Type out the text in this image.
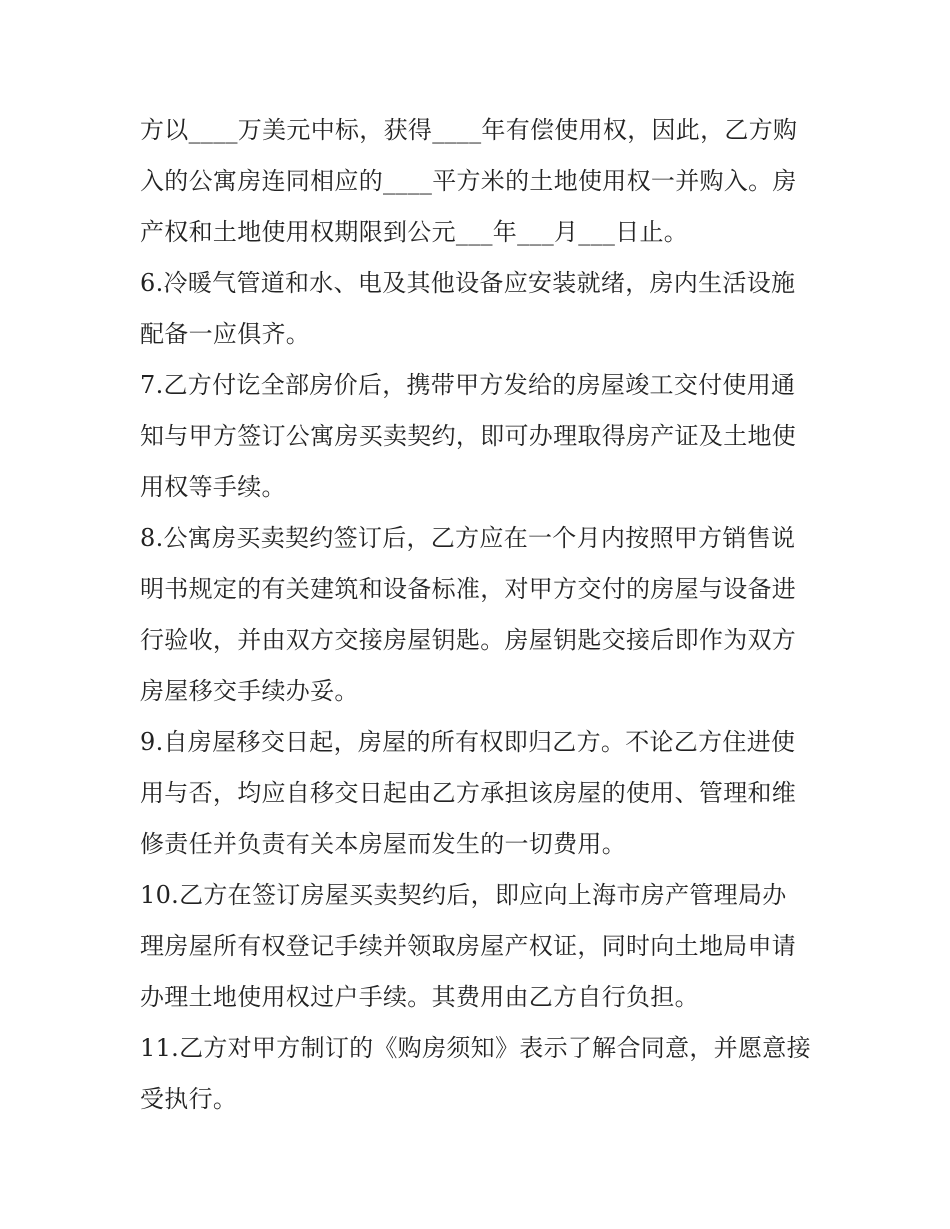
方以____万美元中标，获得____年有偿使用权，因此，乙方购
入的公寓房连同相应的____平方米的土地使用权一并购入。房
产权和土地使用权期限到公元___年___月___日止。
6.冷暖气管道和水、电及其他设备应安装就绪，房内生活设施
配备一应俱齐。
7.乙方付讫全部房价后，携带甲方发给的房屋竣工交付使用通
知与甲方签订公寓房买卖契约，即可办理取得房产证及土地使
用权等手续。
8.公寓房买卖契约签订后，乙方应在一个月内按照甲方销售说
明书规定的有关建筑和设备标准，对甲方交付的房屋与设备进
行验收，并由双方交接房屋钥匙。房屋钥匙交接后即作为双方
房屋移交手续办妥。
9.自房屋移交日起，房屋的所有权即归乙方。不论乙方住进使
用与否，均应自移交日起由乙方承担该房屋的使用、管理和维
修责任并负责有关本房屋而发生的一切费用。
10.乙方在签订房屋买卖契约后，即应向上海市房产管理局办
理房屋所有权登记手续并领取房屋产权证，同时向土地局申请
办理土地使用权过户手续。其费用由乙方自行负担。
11.乙方对甲方制订的《购房须知》表示了解合同意，并愿意接
受执行。
